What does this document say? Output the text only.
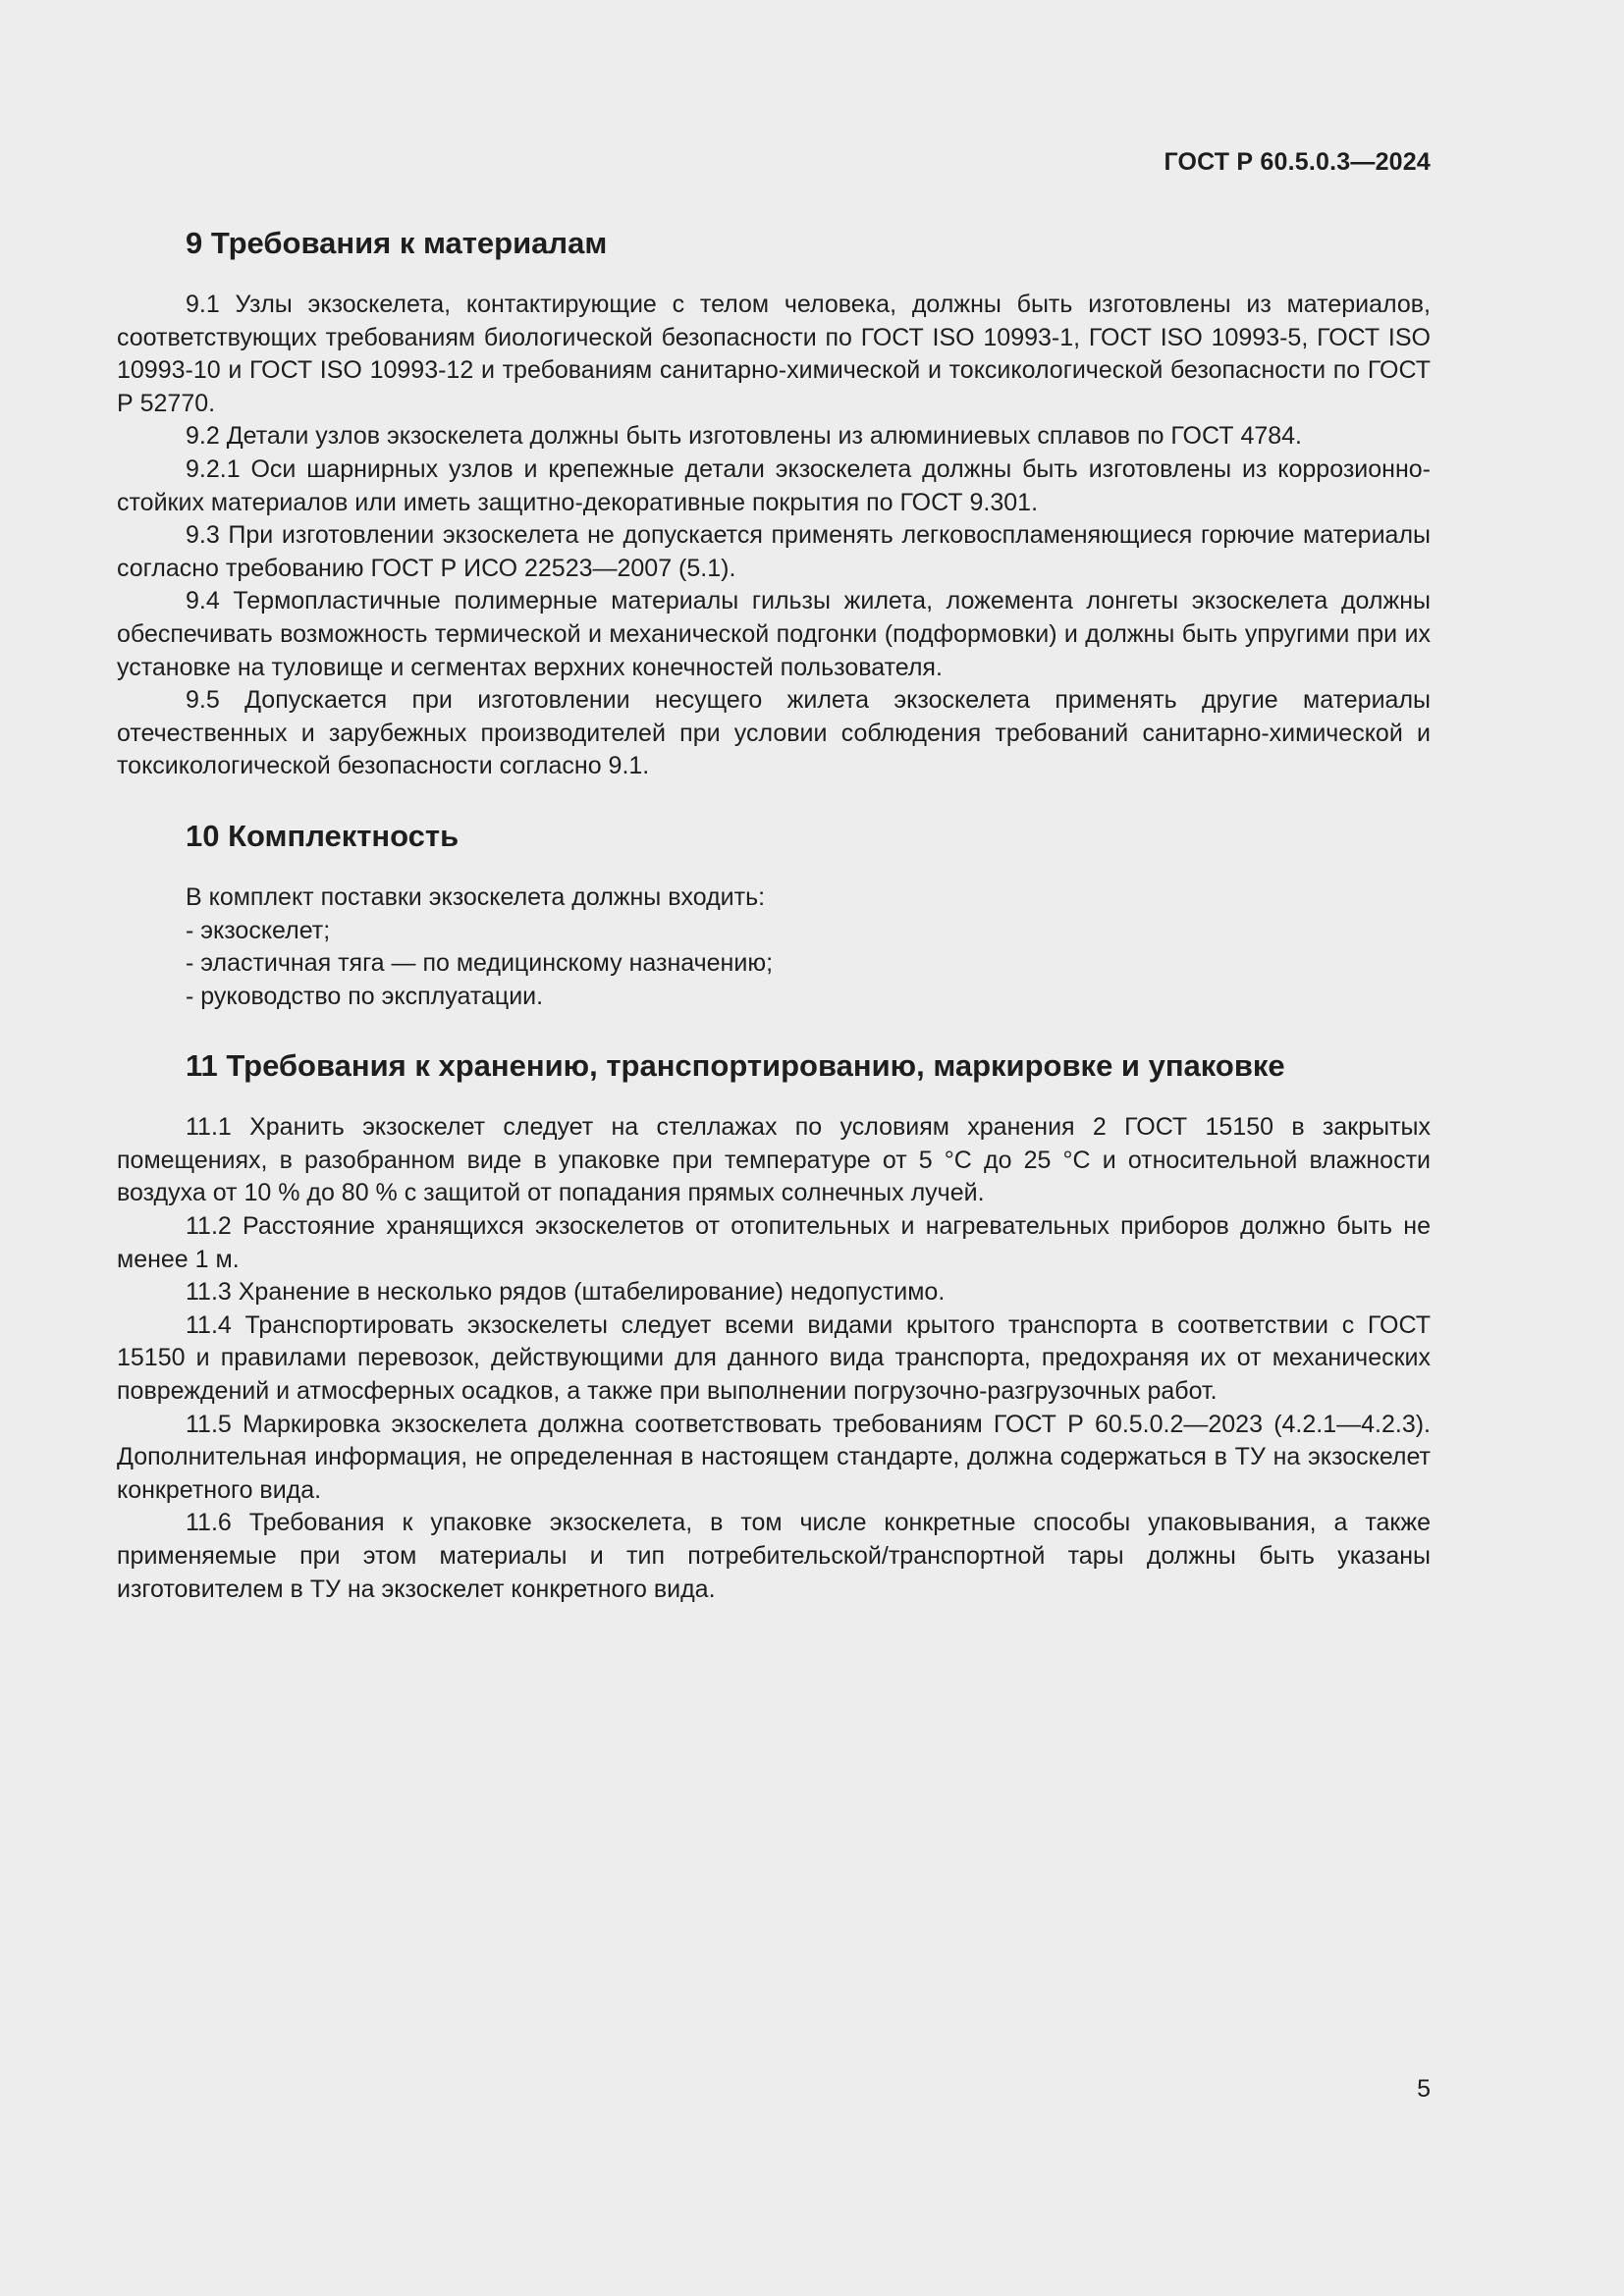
ГОСТ Р 60.5.0.3—2024
9 Требования к материалам

9.1 Узлы экзоскелета, контактирующие с телом человека, должны быть изготовлены из материалов, соответствующих требованиям биологической безопасности по ГОСТ ISO 10993-1, ГОСТ ISO 10993-5, ГОСТ ISO 10993-10 и ГОСТ ISO 10993-12 и требованиям санитарно-химической и токсикологической безопасности по ГОСТ Р 52770.

9.2 Детали узлов экзоскелета должны быть изготовлены из алюминиевых сплавов по ГОСТ 4784.

9.2.1 Оси шарнирных узлов и крепежные детали экзоскелета должны быть изготовлены из коррозионно-стойких материалов или иметь защитно-декоративные покрытия по ГОСТ 9.301.

9.3 При изготовлении экзоскелета не допускается применять легковоспламеняющиеся горючие материалы согласно требованию ГОСТ Р ИСО 22523—2007 (5.1).

9.4 Термопластичные полимерные материалы гильзы жилета, ложемента лонгеты экзоскелета должны обеспечивать возможность термической и механической подгонки (подформовки) и должны быть упругими при их установке на туловище и сегментах верхних конечностей пользователя.

9.5 Допускается при изготовлении несущего жилета экзоскелета применять другие материалы отечественных и зарубежных производителей при условии соблюдения требований санитарно-химической и токсикологической безопасности согласно 9.1.

10 Комплектность

В комплект поставки экзоскелета должны входить:

- экзоскелет;

- эластичная тяга — по медицинскому назначению;

- руководство по эксплуатации.

11 Требования к хранению, транспортированию, маркировке и упаковке

11.1 Хранить экзоскелет следует на стеллажах по условиям хранения 2 ГОСТ 15150 в закрытых помещениях, в разобранном виде в упаковке при температуре от 5 °С до 25 °С и относительной влажности воздуха от 10 % до 80 % с защитой от попадания прямых солнечных лучей.

11.2 Расстояние хранящихся экзоскелетов от отопительных и нагревательных приборов должно быть не менее 1 м.

11.3 Хранение в несколько рядов (штабелирование) недопустимо.

11.4 Транспортировать экзоскелеты следует всеми видами крытого транспорта в соответствии с ГОСТ 15150 и правилами перевозок, действующими для данного вида транспорта, предохраняя их от механических повреждений и атмосферных осадков, а также при выполнении погрузочно-разгрузочных работ.

11.5 Маркировка экзоскелета должна соответствовать требованиям ГОСТ Р 60.5.0.2—2023 (4.2.1—4.2.3). Дополнительная информация, не определенная в настоящем стандарте, должна содержаться в ТУ на экзоскелет конкретного вида.

11.6 Требования к упаковке экзоскелета, в том числе конкретные способы упаковывания, а также применяемые при этом материалы и тип потребительской/транспортной тары должны быть указаны изготовителем в ТУ на экзоскелет конкретного вида.

5
